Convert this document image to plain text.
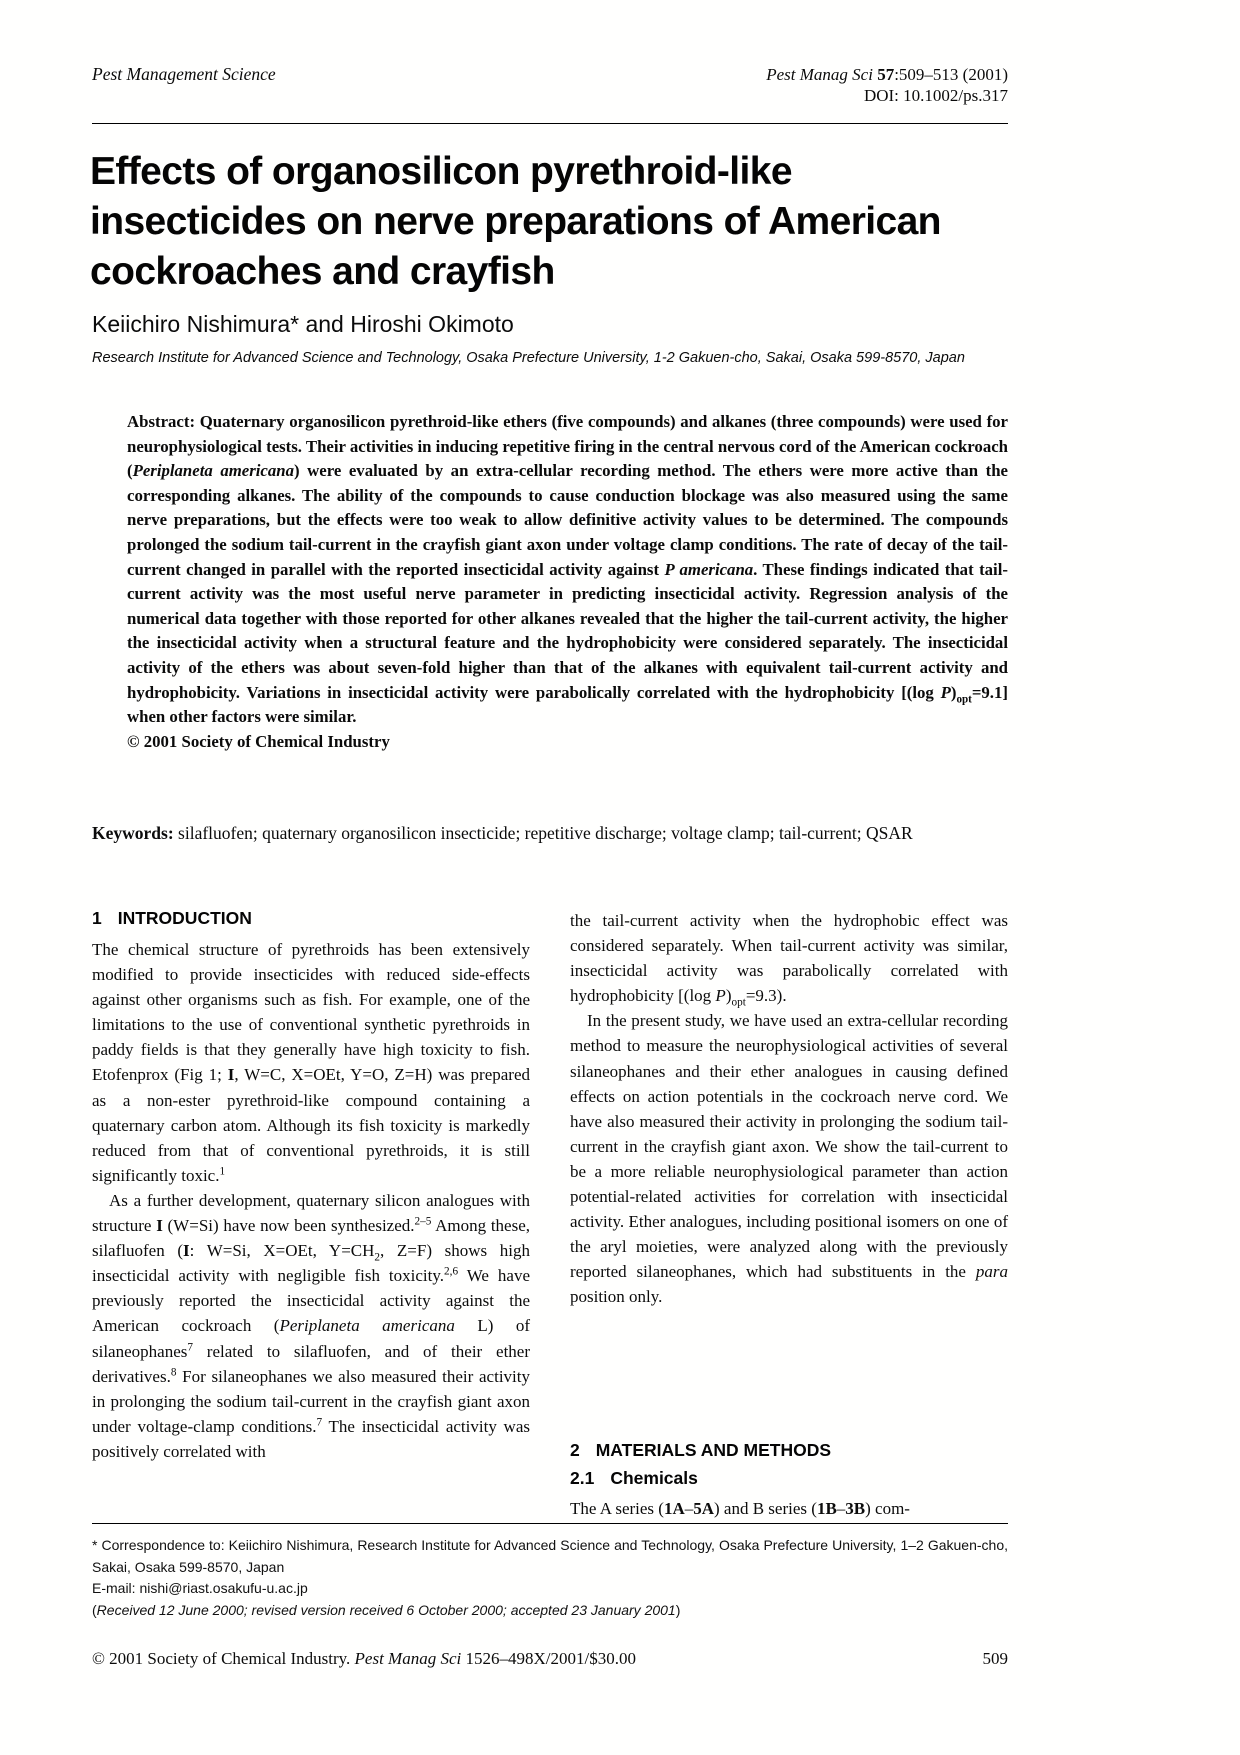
Pest Management Science	Pest Manag Sci 57:509–513 (2001)
DOI: 10.1002/ps.317
Effects of organosilicon pyrethroid-like insecticides on nerve preparations of American cockroaches and crayfish
Keiichiro Nishimura* and Hiroshi Okimoto
Research Institute for Advanced Science and Technology, Osaka Prefecture University, 1-2 Gakuen-cho, Sakai, Osaka 599-8570, Japan
Abstract: Quaternary organosilicon pyrethroid-like ethers (five compounds) and alkanes (three compounds) were used for neurophysiological tests. Their activities in inducing repetitive firing in the central nervous cord of the American cockroach (Periplaneta americana) were evaluated by an extra-cellular recording method. The ethers were more active than the corresponding alkanes. The ability of the compounds to cause conduction blockage was also measured using the same nerve preparations, but the effects were too weak to allow definitive activity values to be determined. The compounds prolonged the sodium tail-current in the crayfish giant axon under voltage clamp conditions. The rate of decay of the tail-current changed in parallel with the reported insecticidal activity against P americana. These findings indicated that tail-current activity was the most useful nerve parameter in predicting insecticidal activity. Regression analysis of the numerical data together with those reported for other alkanes revealed that the higher the tail-current activity, the higher the insecticidal activity when a structural feature and the hydrophobicity were considered separately. The insecticidal activity of the ethers was about seven-fold higher than that of the alkanes with equivalent tail-current activity and hydrophobicity. Variations in insecticidal activity were parabolically correlated with the hydrophobicity [(log $P)_{opt}=9.1$] when other factors were similar.
© 2001 Society of Chemical Industry
Keywords: silafluofen; quaternary organosilicon insecticide; repetitive discharge; voltage clamp; tail-current; QSAR
1 INTRODUCTION

The chemical structure of pyrethroids has been extensively modified to provide insecticides with reduced side-effects against other organisms such as fish. For example, one of the limitations to the use of conventional synthetic pyrethroids in paddy fields is that they generally have high toxicity to fish. Etofenprox (Fig 1; I, W=C, X=OEt, Y=O, Z=H) was prepared as a non-ester pyrethroid-like compound containing a quaternary carbon atom. Although its fish toxicity is markedly reduced from that of conventional pyrethroids, it is still significantly toxic.$^1$

As a further development, quaternary silicon analogues with structure I (W=Si) have now been synthesized.$^{2-5}$ Among these, silafluofen (I: W=Si, X=OEt, $Y=CH_2$, Z=F) shows high insecticidal activity with negligible fish toxicity.$^{2,6}$ We have previously reported the insecticidal activity against the American cockroach (Periplaneta americana L) of silaneophanes$^7$ related to silafluofen, and of their ether derivatives.$^8$ For silaneophanes we also measured their activity in prolonging the sodium tail-current in the crayfish giant axon under voltage-clamp conditions.$^7$ The insecticidal activity was positively correlated with

the tail-current activity when the hydrophobic effect was considered separately. When tail-current activity was similar, insecticidal activity was parabolically correlated with hydrophobicity [(log $P)_{opt}=9.3$).

In the present study, we have used an extra-cellular recording method to measure the neurophysiological activities of several silaneophanes and their ether analogues in causing defined effects on action potentials in the cockroach nerve cord. We have also measured their activity in prolonging the sodium tail-current in the crayfish giant axon. We show the tail-current to be a more reliable neurophysiological parameter than action potential-related activities for correlation with insecticidal activity. Ether analogues, including positional isomers on one of the aryl moieties, were analyzed along with the previously reported silaneophanes, which had substituents in the para position only.

2 MATERIALS AND METHODS
2.1 Chemicals

The A series (1A–5A) and B series (1B–3B) com-

* Correspondence to: Keiichiro Nishimura, Research Institute for Advanced Science and Technology, Osaka Prefecture University, 1–2 Gakuen-cho, Sakai, Osaka 599-8570, Japan
E-mail: nishi@riast.osakufu-u.ac.jp
(Received 12 June 2000; revised version received 6 October 2000; accepted 23 January 2001)
© 2001 Society of Chemical Industry. Pest Manag Sci 1526–498X/2001/$30.00	509
